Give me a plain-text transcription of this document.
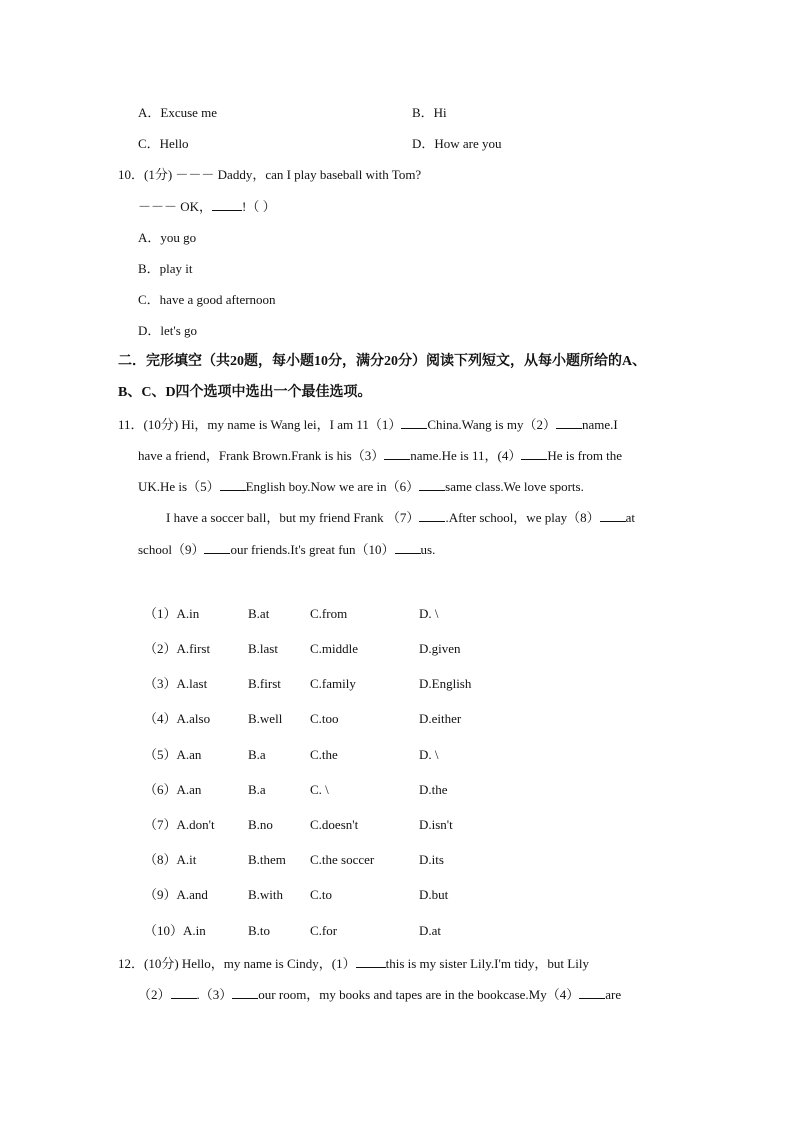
A．Excuse me	B．Hi
C．Hello	D．How are you
10．(1分) －－－ Daddy，can I play baseball with Tom?
－－－ OK， !（ ）
A．you go
B．play it
C．have a good afternoon
D．let's go
二．完形填空（共20题，每小题10分，满分20分）阅读下列短文，从每小题所给的A、
B、C、D四个选项中选出一个最佳选项。
11．(10分) Hi，my name is Wang lei，I am 11（1） China.Wang is my（2） name.I
have a friend，Frank Brown.Frank is his（3） name.He is 11，(4） He is from the
UK.He is（5） English boy.Now we are in（6） same class.We love sports.
I have a soccer ball，but my friend Frank （7） .After school，we play（8） at
school（9） our friends.It's great fun（10） us.
（1）A.in	B.at	C.from	D. \
（2）A.first	B.last C.middle	D.given
（3）A.last	B.first C.family	D.English
（4）A.also	B.well C.too	D.either
（5）A.an	B.a	C.the	D. \
（6）A.an	B.a	C. \	D.the
（7）A.don't	B.no	C.doesn't	D.isn't
（8）A.it	B.them C.the soccer	D.its
（9）A.and	B.with C.to	D.but
（10）A.in	B.to	C.for	D.at
12．(10分) Hello，my name is Cindy，(1） this is my sister Lily.I'm tidy，but Lily
（2） .（3） our room，my books and tapes are in the bookcase.My（4） are
